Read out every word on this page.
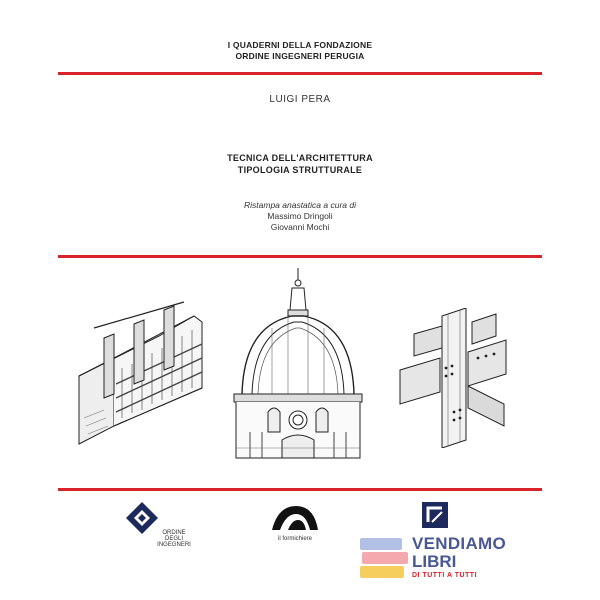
I QUADERNI DELLA FONDAZIONE
ORDINE INGEGNERI PERUGIA
LUIGI PERA
TECNICA DELL'ARCHITETTURA
TIPOLOGIA STRUTTURALE
Ristampa anastatica a cura di
Massimo Dringoli
Giovanni Mochi
ORDINE DEGLI INGEGNERI
il formichiere	VENDIAMO
LIBRI
DI TUTTI A TUTTI
